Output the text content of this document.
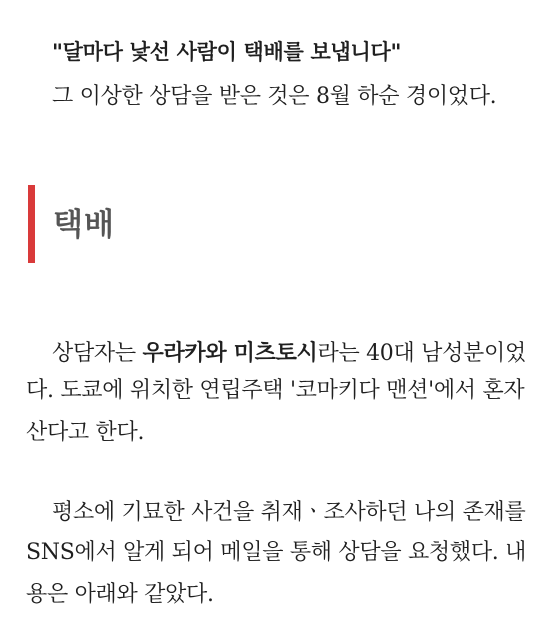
"달마다 낯선 사람이 택배를 보냅니다"
그 이상한 상담을 받은 것은 8월 하순 경이었다.
택배
상담자는 우라카와 미츠토시라는 40대 남성분이었
다. 도쿄에 위치한 연립주택 '코마키다 맨션'에서 혼자
산다고 한다.
평소에 기묘한 사건을 취재ㆍ조사하던 나의 존재를
SNS에서 알게 되어 메일을 통해 상담을 요청했다. 내
용은 아래와 같았다.
